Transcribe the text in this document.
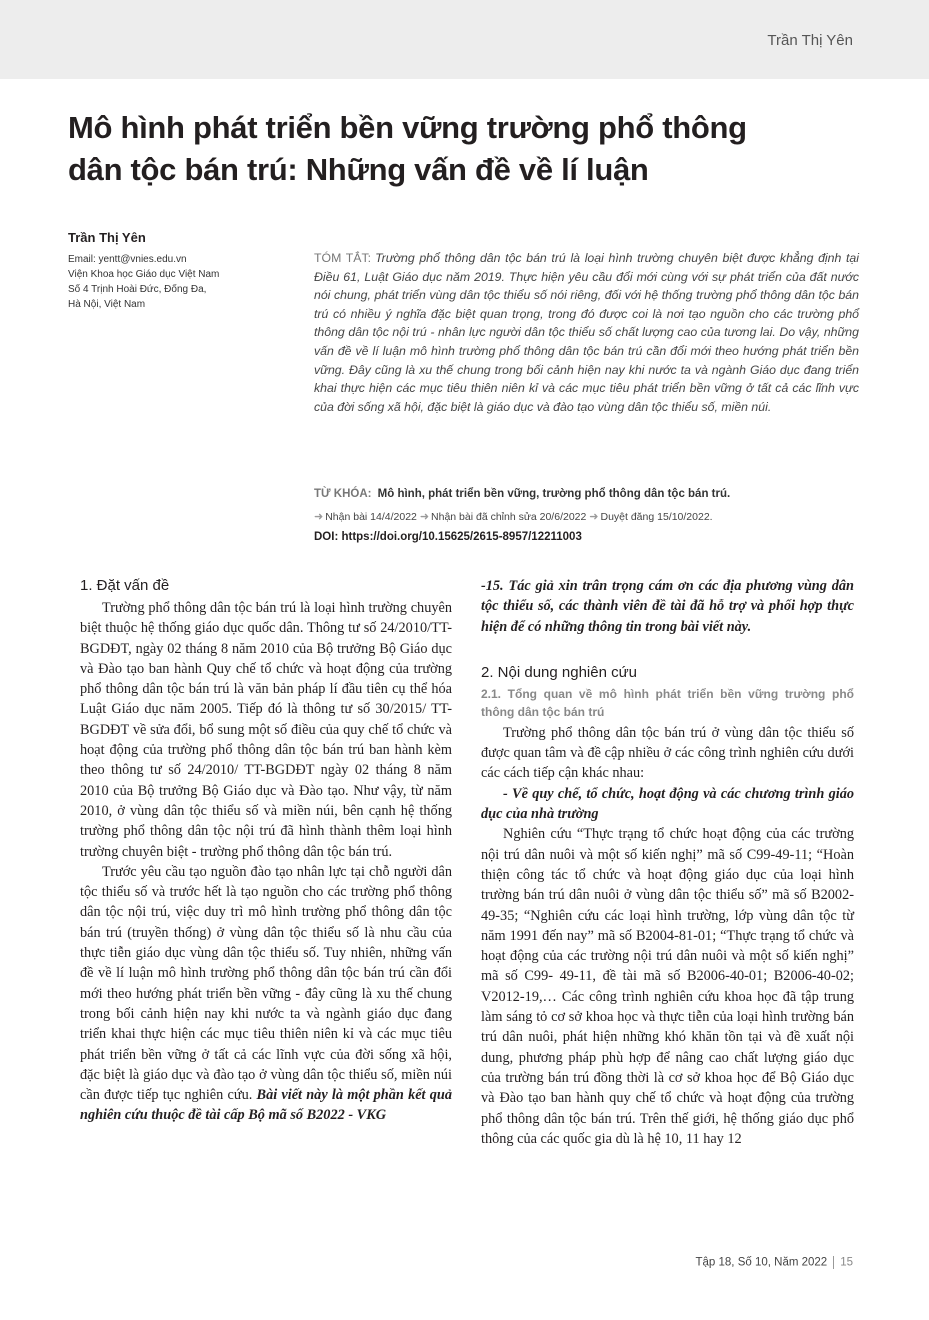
Trần Thị Yên
Mô hình phát triển bền vững trường phổ thông
dân tộc bán trú: Những vấn đề về lí luận
Trần Thị Yên
Email: yentt@vnies.edu.vn
Viện Khoa học Giáo dục Việt Nam
Số 4 Trịnh Hoài Đức, Đống Đa,
Hà Nội, Việt Nam

TÓM TẮT: Trường phổ thông dân tộc bán trú là loại hình trường chuyên biệt được khẳng định tại Điều 61, Luật Giáo dục năm 2019. Thực hiện yêu cầu đổi mới cùng với sự phát triển của đất nước nói chung, phát triển vùng dân tộc thiểu số nói riêng, đối với hệ thống trường phổ thông dân tộc bán trú có nhiều ý nghĩa đặc biệt quan trọng, trong đó được coi là nơi tạo nguồn cho các trường phổ thông dân tộc nội trú - nhân lực người dân tộc thiểu số chất lượng cao của tương lai. Do vậy, những vấn đề về lí luận mô hình trường phổ thông dân tộc bán trú cần đổi mới theo hướng phát triển bền vững. Đây cũng là xu thế chung trong bối cảnh hiện nay khi nước ta và ngành Giáo dục đang triển khai thực hiện các mục tiêu thiên niên kỉ và các mục tiêu phát triển bền vững ở tất cả các lĩnh vực của đời sống xã hội, đặc biệt là giáo dục và đào tạo vùng dân tộc thiểu số, miền núi.

TỪ KHÓA: Mô hình, phát triển bền vững, trường phổ thông dân tộc bán trú.
➜ Nhận bài 14/4/2022 ➜ Nhận bài đã chỉnh sửa 20/6/2022 ➜ Duyệt đăng 15/10/2022.
DOI: https://doi.org/10.15625/2615-8957/12211003
1. Đặt vấn đề

Trường phổ thông dân tộc bán trú là loại hình trường chuyên biệt thuộc hệ thống giáo dục quốc dân. Thông tư số 24/2010/TT-BGDĐT, ngày 02 tháng 8 năm 2010 của Bộ trưởng Bộ Giáo dục và Đào tạo ban hành Quy chế tổ chức và hoạt động của trường phổ thông dân tộc bán trú là văn bản pháp lí đầu tiên cụ thể hóa Luật Giáo dục năm 2005. Tiếp đó là thông tư số 30/2015/ TT-BGDĐT về sửa đổi, bổ sung một số điều của quy chế tổ chức và hoạt động của trường phổ thông dân tộc bán trú ban hành kèm theo thông tư số 24/2010/ TT-BGDĐT ngày 02 tháng 8 năm 2010 của Bộ trưởng Bộ Giáo dục và Đào tạo. Như vậy, từ năm 2010, ở vùng dân tộc thiểu số và miền núi, bên cạnh hệ thống trường phổ thông dân tộc nội trú đã hình thành thêm loại hình trường chuyên biệt - trường phổ thông dân tộc bán trú.

Trước yêu cầu tạo nguồn đào tạo nhân lực tại chỗ người dân tộc thiểu số và trước hết là tạo nguồn cho các trường phổ thông dân tộc nội trú, việc duy trì mô hình trường phổ thông dân tộc bán trú (truyền thống) ở vùng dân tộc thiểu số là nhu cầu của thực tiễn giáo dục vùng dân tộc thiểu số. Tuy nhiên, những vấn đề về lí luận mô hình trường phổ thông dân tộc bán trú cần đổi mới theo hướng phát triển bền vững - đây cũng là xu thế chung trong bối cảnh hiện nay khi nước ta và ngành giáo dục đang triển khai thực hiện các mục tiêu thiên niên kỉ và các mục tiêu phát triển bền vững ở tất cả các lĩnh vực của đời sống xã hội, đặc biệt là giáo dục và đào tạo ở vùng dân tộc thiểu số, miền núi cần được tiếp tục nghiên cứu. Bài viết này là một phần kết quả nghiên cứu thuộc đề tài cấp Bộ mã số B2022 - VKG

-15. Tác giả xin trân trọng cám ơn các địa phương vùng dân tộc thiểu số, các thành viên đề tài đã hỗ trợ và phối hợp thực hiện để có những thông tin trong bài viết này.

2. Nội dung nghiên cứu
2.1. Tổng quan về mô hình phát triển bền vững trường phổ thông dân tộc bán trú

Trường phổ thông dân tộc bán trú ở vùng dân tộc thiểu số được quan tâm và đề cập nhiều ở các công trình nghiên cứu dưới các cách tiếp cận khác nhau:

- Về quy chế, tổ chức, hoạt động và các chương trình giáo dục của nhà trường

Nghiên cứu “Thực trạng tổ chức hoạt động của các trường nội trú dân nuôi và một số kiến nghị” mã số C99-49-11; “Hoàn thiện công tác tổ chức và hoạt động giáo dục của loại hình trường bán trú dân nuôi ở vùng dân tộc thiểu số” mã số B2002-49-35; “Nghiên cứu các loại hình trường, lớp vùng dân tộc từ năm 1991 đến nay” mã số B2004-81-01; “Thực trạng tổ chức và hoạt động của các trường nội trú dân nuôi và một số kiến nghị” mã số C99- 49-11, đề tài mã số B2006-40-01; B2006-40-02; V2012-19,… Các công trình nghiên cứu khoa học đã tập trung làm sáng tỏ cơ sở khoa học và thực tiễn của loại hình trường bán trú dân nuôi, phát hiện những khó khăn tồn tại và đề xuất nội dung, phương pháp phù hợp để nâng cao chất lượng giáo dục của trường bán trú đồng thời là cơ sở khoa học để Bộ Giáo dục và Đào tạo ban hành quy chế tổ chức và hoạt động của trường phổ thông dân tộc bán trú. Trên thế giới, hệ thống giáo dục phổ thông của các quốc gia dù là hệ 10, 11 hay 12

Tập 18, Số 10, Năm 2022 15
